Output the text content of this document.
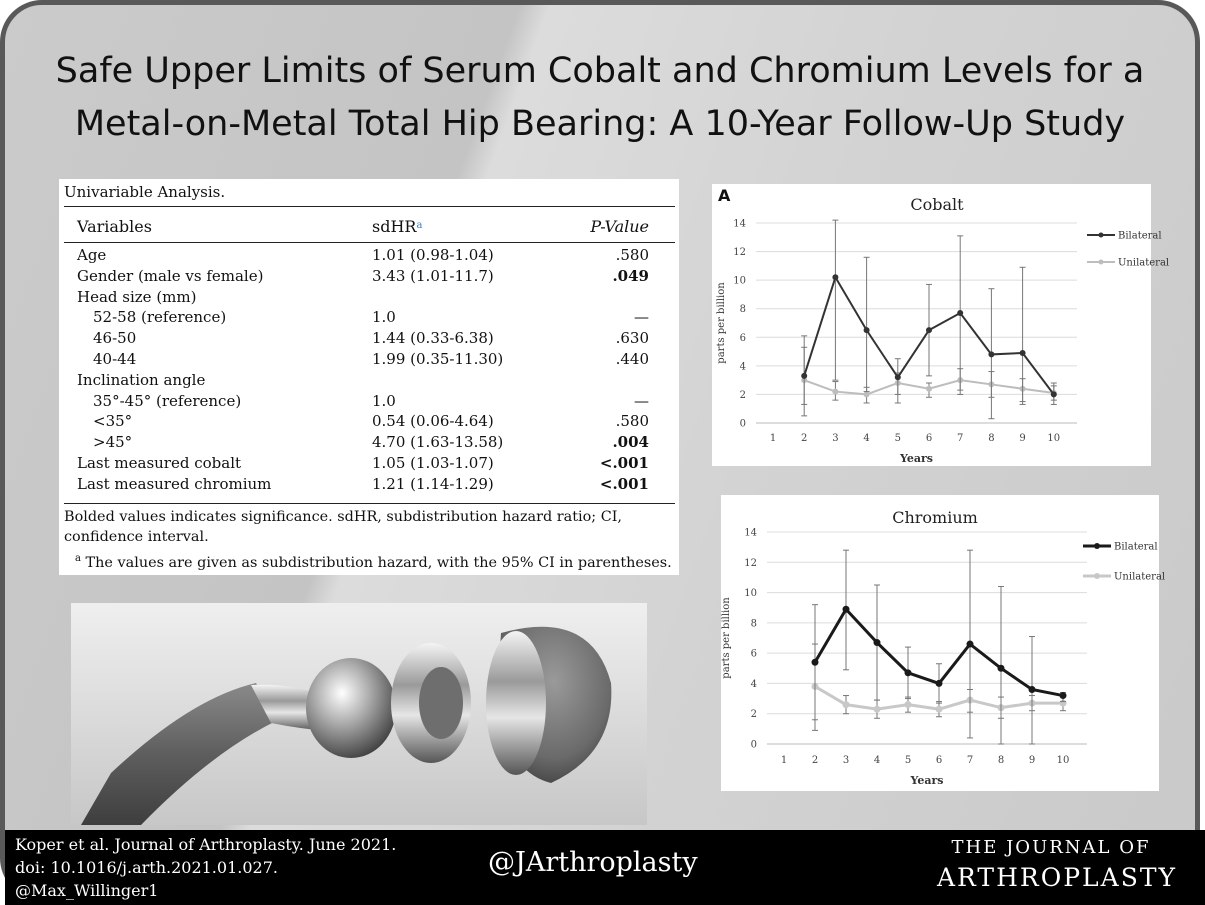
Safe Upper Limits of Serum Cobalt and Chromium Levels for a
Metal-on-Metal Total Hip Bearing: A 10-Year Follow-Up Study
Univariable Analysis.
Variables	sdHR$^a$	P-Value
Age	1.01 (0.98-1.04)	.580
Gender (male vs female)	3.43 (1.01-11.7)	.049
Head size (mm)
52-58 (reference)	1.0	—
46-50	1.44 (0.33-6.38)	.630
40-44	1.99 (0.35-11.30)	.440
Inclination angle
35°-45° (reference)	1.0	—
<35°	0.54 (0.06-4.64)	.580
>45°	4.70 (1.63-13.58)	.004
Last measured cobalt	1.05 (1.03-1.07)	<.001
Last measured chromium	1.21 (1.14-1.29)	<.001
Bolded values indicates significance. sdHR, subdistribution hazard ratio; CI, confidence interval.
$^a$ The values are given as subdistribution hazard, with the 95% CI in parentheses.
A	Cobalt
0
2
4
6
8
10
12
14
1 2 3 4 5 6 7 8 9 10
Years
parts per billion
Bilateral
Unilateral
Chromium
0
2
4
6
8
10
12
14
1 2 3 4 5 6 7 8 9 10
Years
parts per billion
Bilateral
Unilateral
Koper et al. Journal of Arthroplasty. June 2021.
doi: 10.1016/j.arth.2021.01.027.
@Max_Willinger1
@JArthroplasty	THE JOURNAL OF
ARTHROPLASTY
